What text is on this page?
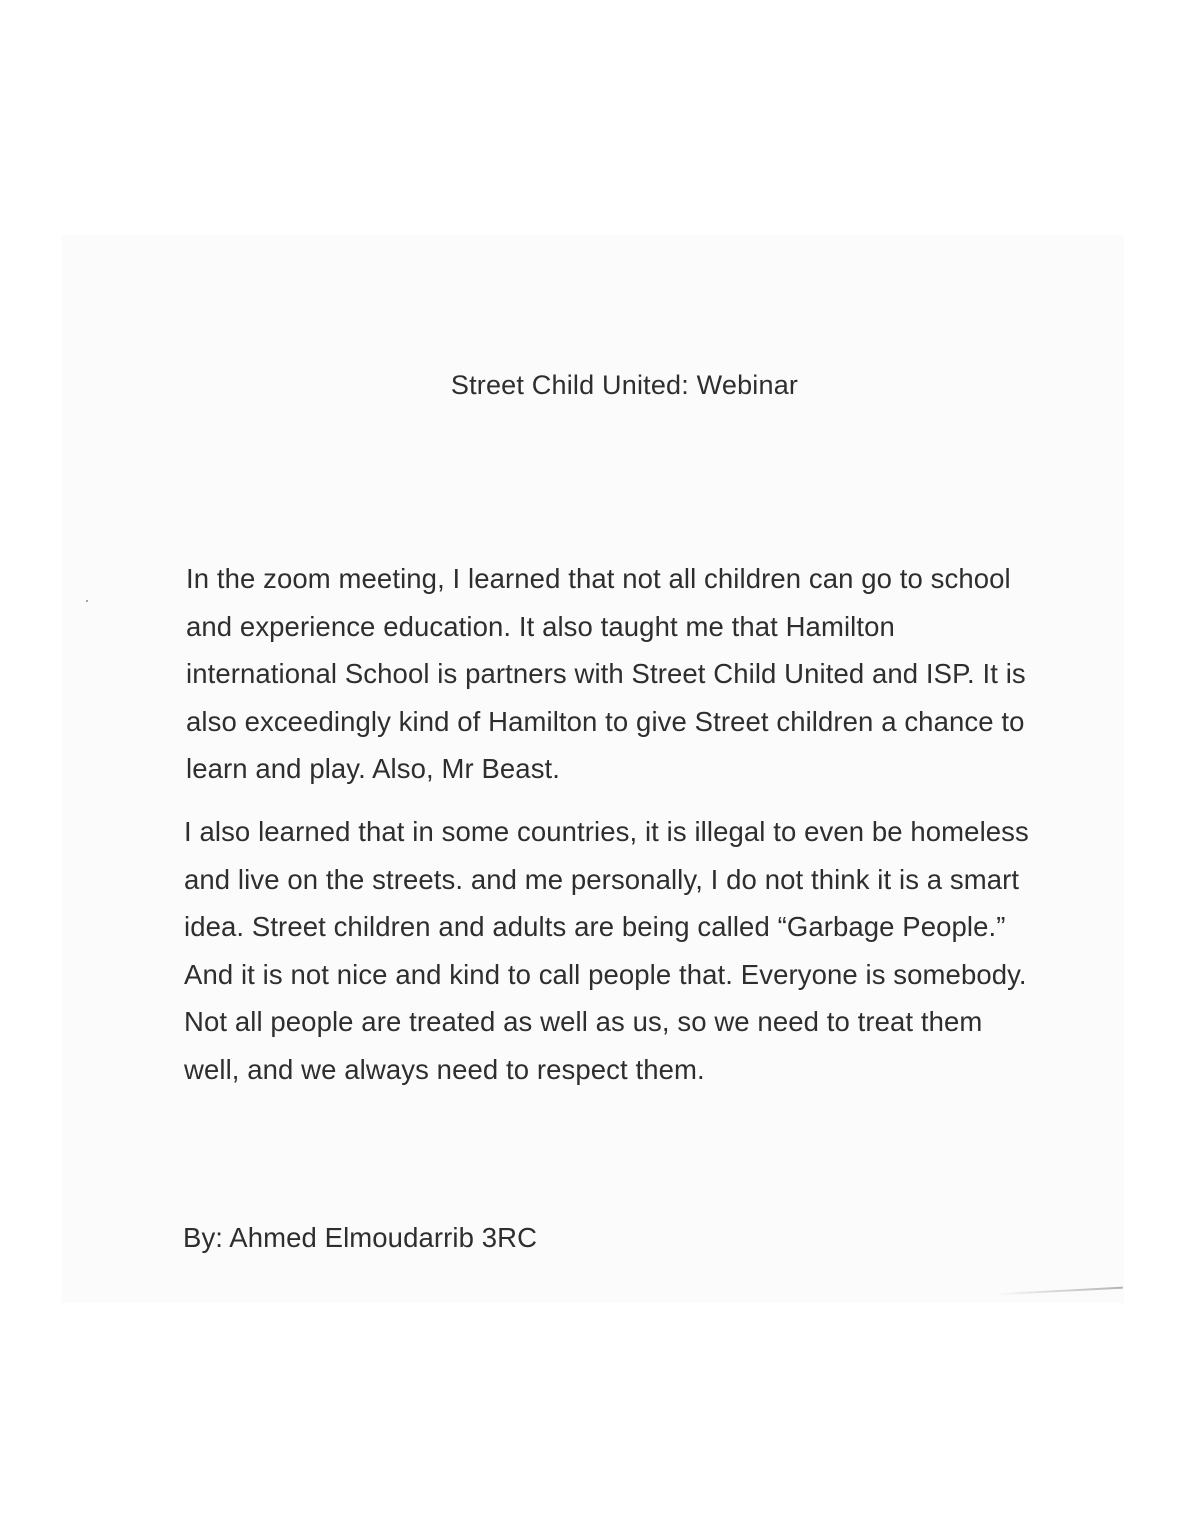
Street Child United: Webinar

In the zoom meeting, I learned that not all children can go to school and experience education. It also taught me that Hamilton international School is partners with Street Child United and ISP. It is also exceedingly kind of Hamilton to give Street children a chance to learn and play. Also, Mr Beast.

I also learned that in some countries, it is illegal to even be homeless and live on the streets. and me personally, I do not think it is a smart idea. Street children and adults are being called “Garbage People.” And it is not nice and kind to call people that. Everyone is somebody. Not all people are treated as well as us, so we need to treat them well, and we always need to respect them.

By: Ahmed Elmoudarrib 3RC
